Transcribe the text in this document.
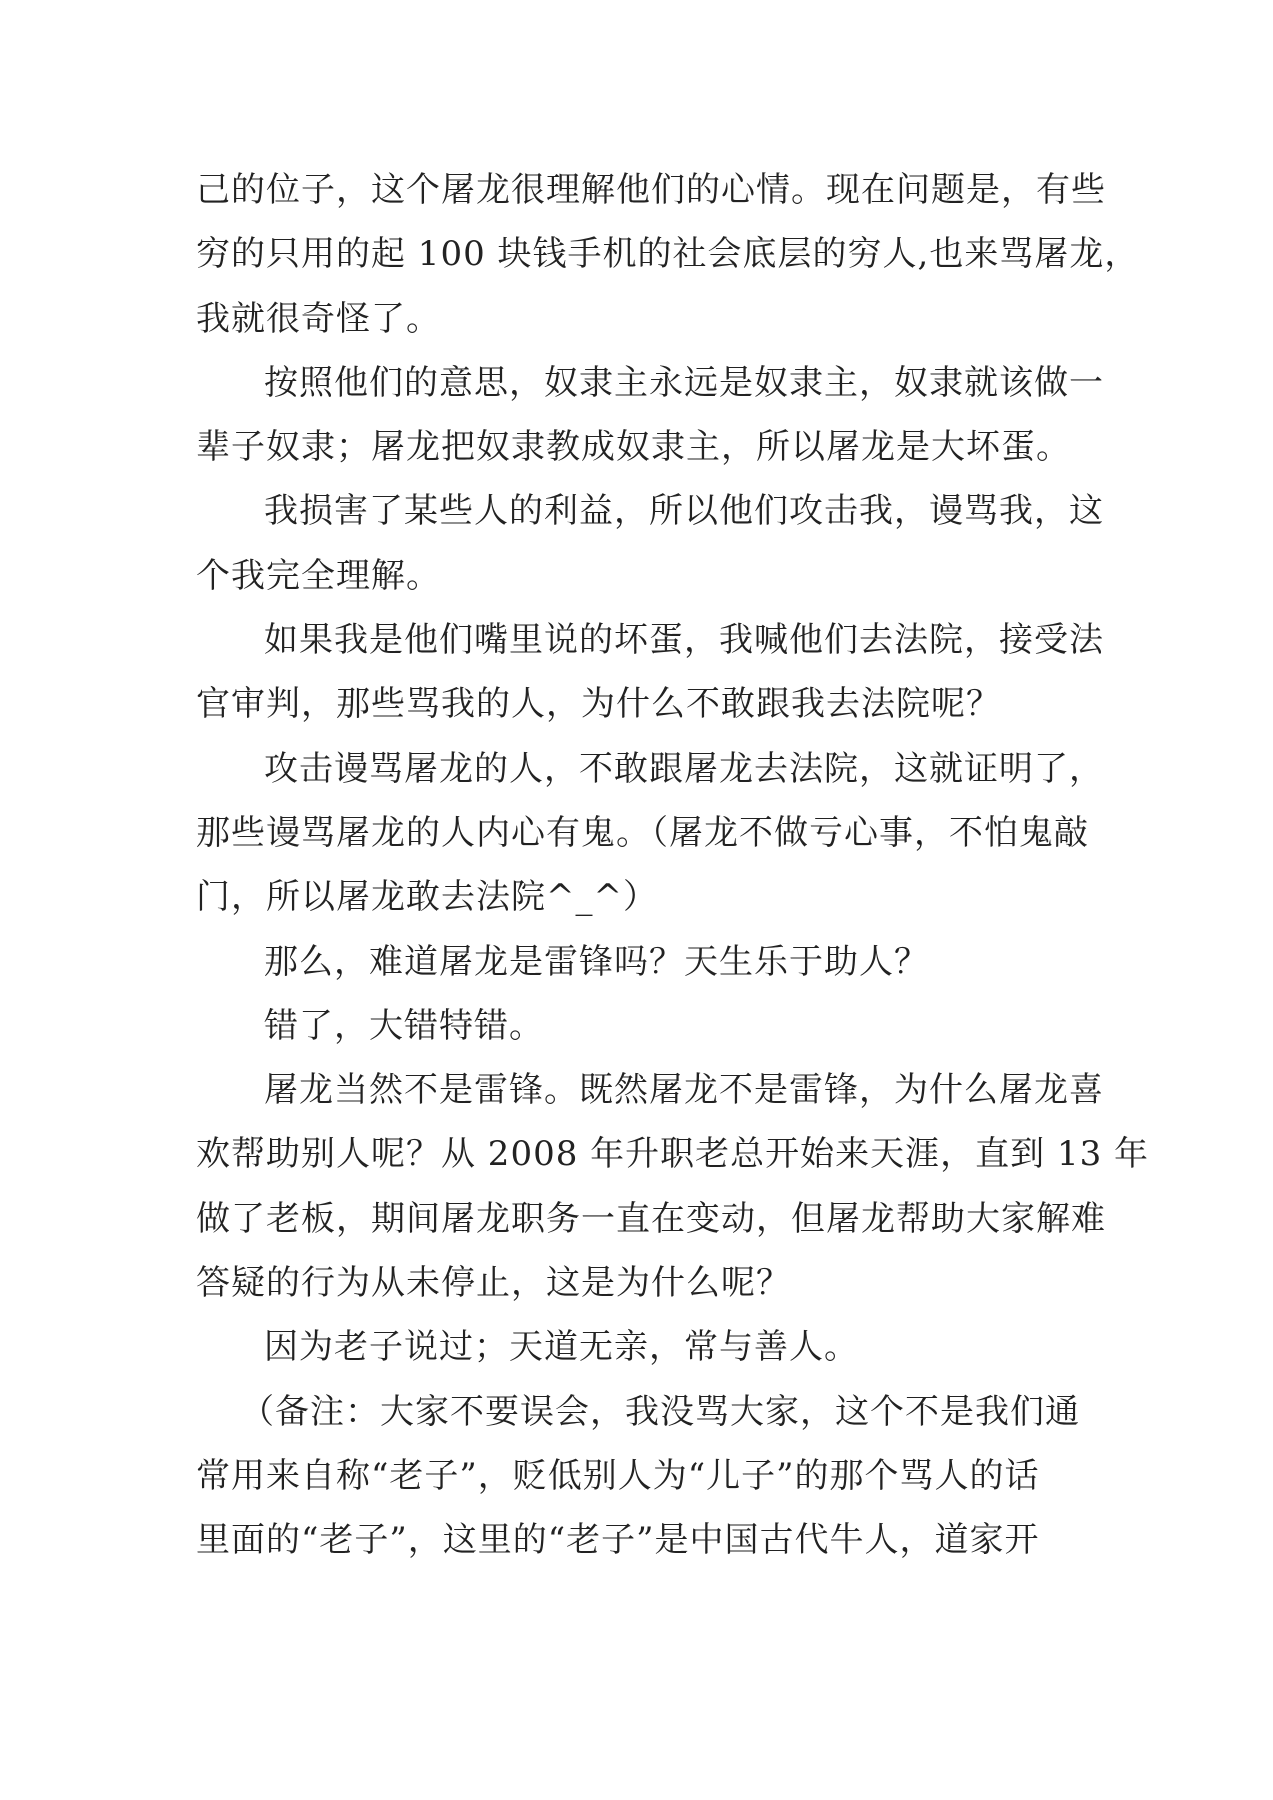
己的位子，这个屠龙很理解他们的心情。现在问题是，有些
穷的只用的起 100 块钱手机的社会底层的穷人,也来骂屠龙，
我就很奇怪了。
按照他们的意思，奴隶主永远是奴隶主，奴隶就该做一
辈子奴隶；屠龙把奴隶教成奴隶主，所以屠龙是大坏蛋。
我损害了某些人的利益，所以他们攻击我，谩骂我，这
个我完全理解。
如果我是他们嘴里说的坏蛋，我喊他们去法院，接受法
官审判，那些骂我的人，为什么不敢跟我去法院呢？
攻击谩骂屠龙的人，不敢跟屠龙去法院，这就证明了，
那些谩骂屠龙的人内心有鬼。（屠龙不做亏心事，不怕鬼敲
门，所以屠龙敢去法院^_^）
那么，难道屠龙是雷锋吗？天生乐于助人？
错了，大错特错。
屠龙当然不是雷锋。既然屠龙不是雷锋，为什么屠龙喜
欢帮助别人呢？从 2008 年升职老总开始来天涯，直到 13 年
做了老板，期间屠龙职务一直在变动，但屠龙帮助大家解难
答疑的行为从未停止，这是为什么呢？
因为老子说过；天道无亲，常与善人。
（备注：大家不要误会，我没骂大家，这个不是我们通
常用来自称“老子”，贬低别人为“儿子”的那个骂人的话
里面的“老子”，这里的“老子”是中国古代牛人，道家开
